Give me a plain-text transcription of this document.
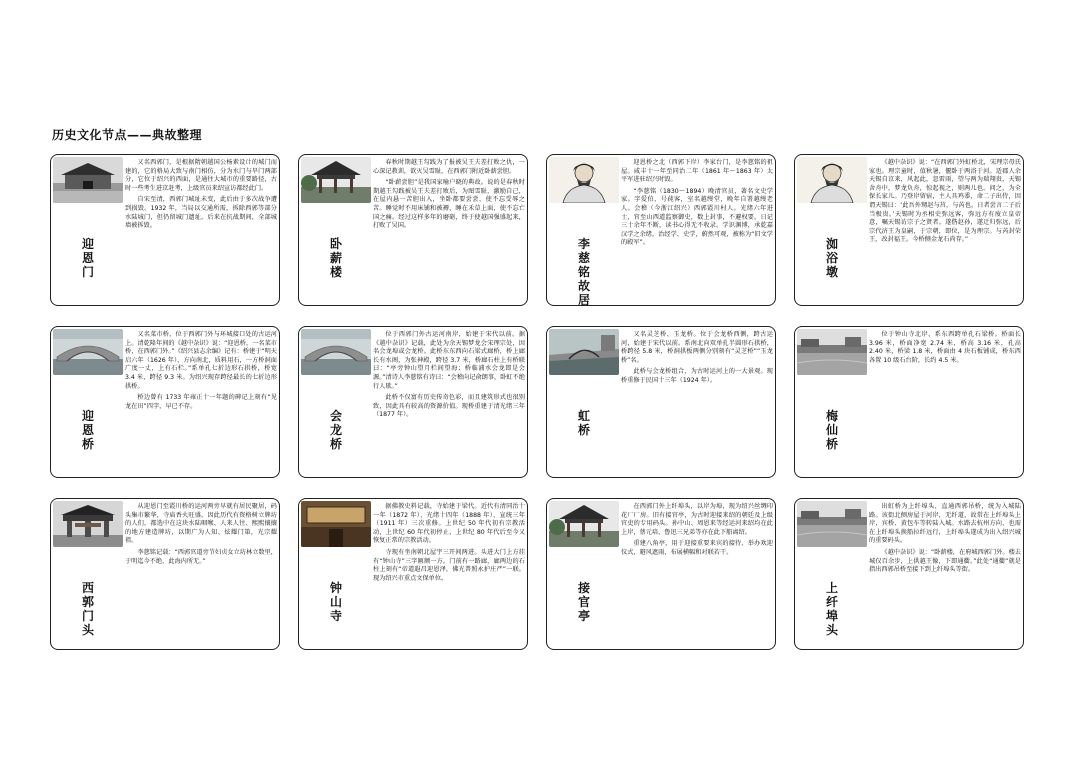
历史文化节点——典故整理
迎恩门

又名西郭门，是根据隋朝越国公杨素设计的城门而建的，它的格局大致与南门相仿，分为水门与旱门两部分，它位于绍兴的西面，是通往大城市的重要路径，古时一些考生进京赶考，上级官员来绍宣访都经此门。

自宋至清，西郭门城址未变，此后由于多次战争遭到损毁。1932 年，当局以交通所需，拆除西郭等部分水陆城门，但仍留城门遗址。后来在抗战期间，全部城墙被拆毁。

卧薪楼

春秋时期越王勾践为了报被吴王夫差打败之仇，一心深记教训，欲灭吴雪耻，在西郭门附近卧薪尝胆。

“卧薪尝胆”是我国家喻户晓的典故。说的是春秋时期越王勾践被吴王夫差打败后，为图雪耻，激励自己，在屋内悬一苦胆出入，坐卧都要尝尝，使不忘受辱之苦。睡觉时不用床铺和被褥，睡在禾草上面，使不忘亡国之痛。经过这样多年的磨砺，终于使越国强盛起来，打败了吴国。

李慈铭故居

迎恩桥之北（西郭下岸）李家台门，是李慈铭的祖屋。咸丰十一年至同治二年（1861 年～1863 年）太平军进驻绍兴时毁。

“李慈铭（1830～1894）晚清官员，著名文史学家。字爱伯，号莼客，室名越缦堂，晚年自署越缦老人。会稽（今浙江绍兴）西郭霞川村人。光绪六年进士，官至山西道监察御史，数上封事，不避权要。日记三十余年不断，读书心得无不收录。学识渊博，承乾嘉汉学之余绪，治经学、史学，蔚然可观，被称为“旧文学的殿军”。	洳浴墩

《越中杂识》说：“在西郭门外虹桥北，宋理宗母氏家也。理宗童时，值秋暑，偃卧于两浴于河。适郡人余天锡自京来，风起此，忽雷雨，望与两为瑞翔贵，天锡舍舟中，梦龙负舟，惊起视之，则两儿也。问之，为全保长家儿。乃登岸留宿，主人具鸡黍，命二子出侍，因谓天锡曰：‘此吾外甥赵与莒，与芮也。日者尝言二子后当极贵。’天锡时为丞相史弥远客，弥远方有废立皇帝意，嘱天锡访宗子之贤者。遂偕赵孙，遂迁归弥远，后宗代济王为皇嗣，于宗朝，即位，是为理宗。与芮封荣王，改封福王。今桥侧金龙石尚存。”

迎恩桥

又名菜市桥，位于西郭门外与环城接口处的古运河上。清乾隆年间的《越中杂识》说：“迎恩桥，一名菜市桥，在西郭门外。”《绍兴县志余编》记有：桥建于“明天启六年（1626 年），方向南北，质料用石，一方桥洞面广度一丈，上有石栏。”系单孔七折边形石拱桥，桥宽 3.4 米，跨径 9.3 米。为绍兴现存跨径最长的七折边形拱桥。

桥边曾有 1733 年雍正十一年题的碑记上刻有“见龙在田”四字，早已不存。

会龙桥

位于西郭门外古运河南岸，始建于宋代以前。据《越中杂识》记载，此处为余天锡梦龙会宋理宗处，因名会龙埠或会龙桥。此桥东东西向石梁式廊桥，桥上廊长有水阁，为张神殿，跨径 3.7 米，桥廊石柱上有桥联曰：“亭旁钟山望月栏间望海；桥临浦水会龙即是会源。”清诗人李慈铭有诗曰：“会稽向记俞朗事，卧虹不绝行人歇。”

此桥不仅富有历史传奇色彩，而且建筑形式也很别致，因此具有较高的资源价值。现桥重建于清光绪三年（1877 年）。	虹桥

又名灵芝桥、玉龙桥。位于会龙桥西侧，跨古运河，始建于宋代以前。系南北向双单孔半圆形石拱桥，桥跨径 5.8 米，桥洞拱板两侧分别刻有“灵芝桥”“玉龙桥”名。

此桥与会龙桥组合，为古时运河上的一大景观。现桥重修于民国十三年（1924 年）。

梅仙桥

位于钟山寺北岸，系东西跨单孔石梁桥。桥面长 3.96 米，桥面净宽 2.74 米，桥高 3.16 米，孔高 2.40 米，桥梁 1.8 米，桥面由 4 块石板铺成，桥东西各置 10 级石台阶，长约 4.5 米。

西郭门头

从迎恩门至霞川桥的运河两旁早就有居民聚居，码头集市繁华，寺庙香火旺盛。因此历代有资格树立牌坊的人们，都选中在这块水陆咽喉、人来人往、熙熙攘攘的地方建造牌坊，以期广为人知、炫耀门第，光宗耀祖。

李慈铭记载：“西郭官道旁节妇贞女立坊林立数里，于明迄今不绝，此海内所无。”

钟山寺

据佛教史料记载，寺始建于梁代。近代有清同治十一年（1872 年）、光绪十四年（1888 年）、宣统三年（1911 年）三次重修。上世纪 50 年代初有宗教活动，上世纪 60 年代初停止，上世纪 80 年代后至今又恢复正常的宗教活动。

寺现有坐南朝北屋宇三开间两进。头进大门上方挂有“钟山寺”三字匾额一方。门前有一路廊，廊两边的石柱上刻有“帝道遐昌迎恩泽，佛光普照永护庄严”一联。现为绍兴市重点文保单位。

接官亭

在西郭门外上纤埠头，以岸为埠，现为绍兴丝绸印花厂厂房。旧有接官亭，为古时迎接来绍的朝廷及上级官吏的专用码头。孙中山、周恩来等经运河来绍均在此上岸，蔡元培、鲁迅三兄弟等亦在此下船离绍。

重建八角亭，用于迎接重要来宾的接待、举办欢迎仪式，避风遮雨，布展横幅和对联若干。

上纤埠头

出虹桥为上纤埠头，直通西郭吊桥，统为入城陆路。该街北侧房屋于河岸，无纤道，故常在上纤埠头上岸，宾桥、黄包车等转陆入城。水路去杭州方向，也需在上纤埠头换船拉纤远行，上纤埠头遂成为出入绍兴城的重要码头。

《越中杂识》说：“卧薪楼，在府城西郭门外。楼去城仅百余步，上供越王像，下即通衢。”此处“通衢”就是指出西郭吊桥至接下到上纤埠头等街。
